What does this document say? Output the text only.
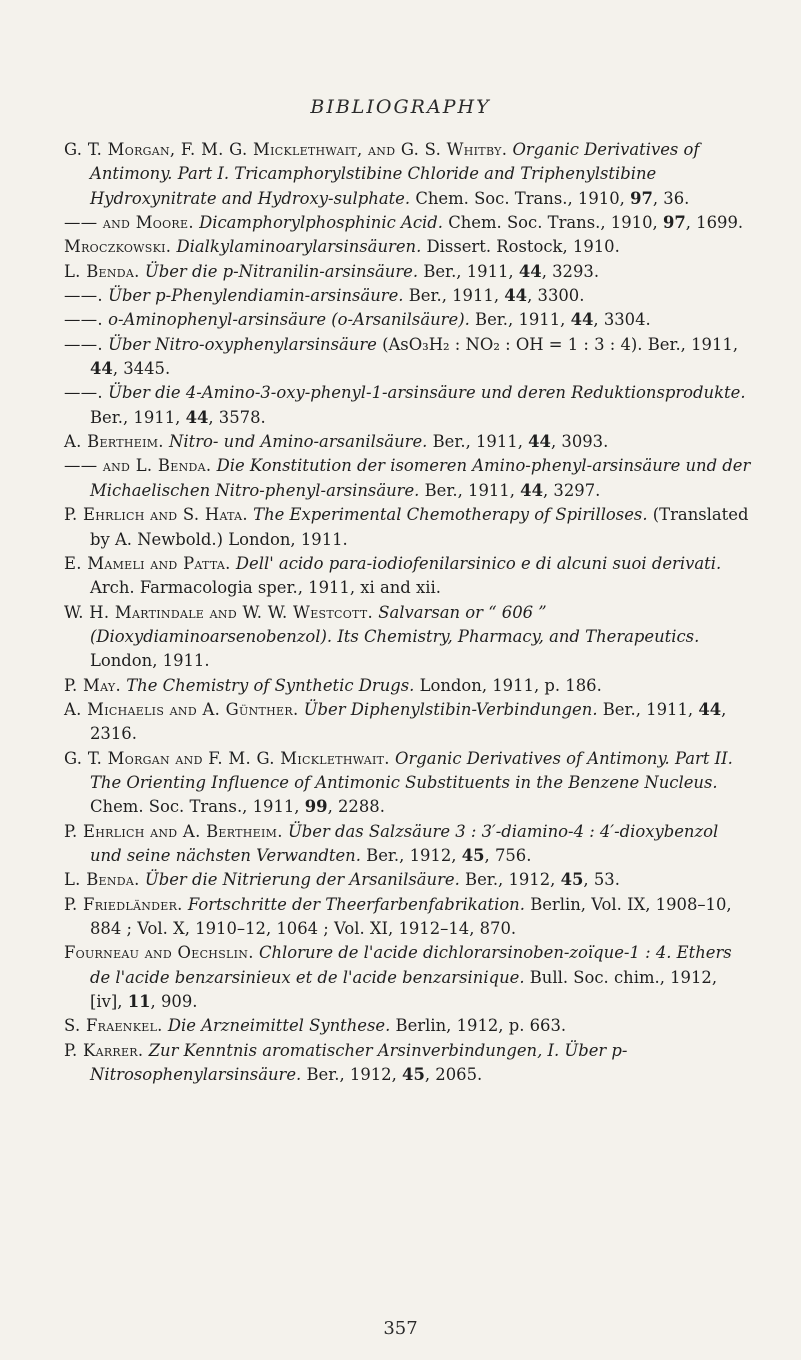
BIBLIOGRAPHY

G. T. Morgan, F. M. G. Micklethwait, and G. S. Whitby. Organic Derivatives of Antimony. Part I. Tricamphorylstibine Chloride and Triphenylstibine Hydroxynitrate and Hydroxy-sulphate. Chem. Soc. Trans., 1910, 97, 36.

—— and Moore. Dicamphorylphosphinic Acid. Chem. Soc. Trans., 1910, 97, 1699.

Mroczkowski. Dialkylaminoarylarsinsäuren. Dissert. Rostock, 1910.

L. Benda. Über die p-Nitranilin-arsinsäure. Ber., 1911, 44, 3293.

——. Über p-Phenylendiamin-arsinsäure. Ber., 1911, 44, 3300.

——. o-Aminophenyl-arsinsäure (o-Arsanilsäure). Ber., 1911, 44, 3304.

——. Über Nitro-oxyphenylarsinsäure (AsO₃H₂ : NO₂ : OH = 1 : 3 : 4). Ber., 1911, 44, 3445.

——. Über die 4-Amino-3-oxy-phenyl-1-arsinsäure und deren Reduktionsprodukte. Ber., 1911, 44, 3578.

A. Bertheim. Nitro- und Amino-arsanilsäure. Ber., 1911, 44, 3093.

—— and L. Benda. Die Konstitution der isomeren Amino-phenyl-arsinsäure und der Michaelischen Nitro-phenyl-arsinsäure. Ber., 1911, 44, 3297.

P. Ehrlich and S. Hata. The Experimental Chemotherapy of Spirilloses. (Translated by A. Newbold.) London, 1911.

E. Mameli and Patta. Dell' acido para-iodiofenilarsinico e di alcuni suoi derivati. Arch. Farmacologia sper., 1911, xi and xii.

W. H. Martindale and W. W. Westcott. Salvarsan or “ 606 ” (Dioxydiaminoarsenobenzol). Its Chemistry, Pharmacy, and Therapeutics. London, 1911.

P. May. The Chemistry of Synthetic Drugs. London, 1911, p. 186.

A. Michaelis and A. Günther. Über Diphenylstibin-Verbindungen. Ber., 1911, 44, 2316.

G. T. Morgan and F. M. G. Micklethwait. Organic Derivatives of Antimony. Part II. The Orienting Influence of Antimonic Substituents in the Benzene Nucleus. Chem. Soc. Trans., 1911, 99, 2288.

P. Ehrlich and A. Bertheim. Über das Salzsäure 3 : 3′-diamino-4 : 4′-dioxybenzol und seine nächsten Verwandten. Ber., 1912, 45, 756.

L. Benda. Über die Nitrierung der Arsanilsäure. Ber., 1912, 45, 53.

P. Friedländer. Fortschritte der Theerfarbenfabrikation. Berlin, Vol. IX, 1908–10, 884 ; Vol. X, 1910–12, 1064 ; Vol. XI, 1912–14, 870.

Fourneau and Oechslin. Chlorure de l'acide dichlorarsinoben-zoïque-1 : 4. Ethers de l'acide benzarsinieux et de l'acide benzarsinique. Bull. Soc. chim., 1912, [iv], 11, 909.

S. Fraenkel. Die Arzneimittel Synthese. Berlin, 1912, p. 663.

P. Karrer. Zur Kenntnis aromatischer Arsinverbindungen, I. Über p-Nitrosophenylarsinsäure. Ber., 1912, 45, 2065.

357
